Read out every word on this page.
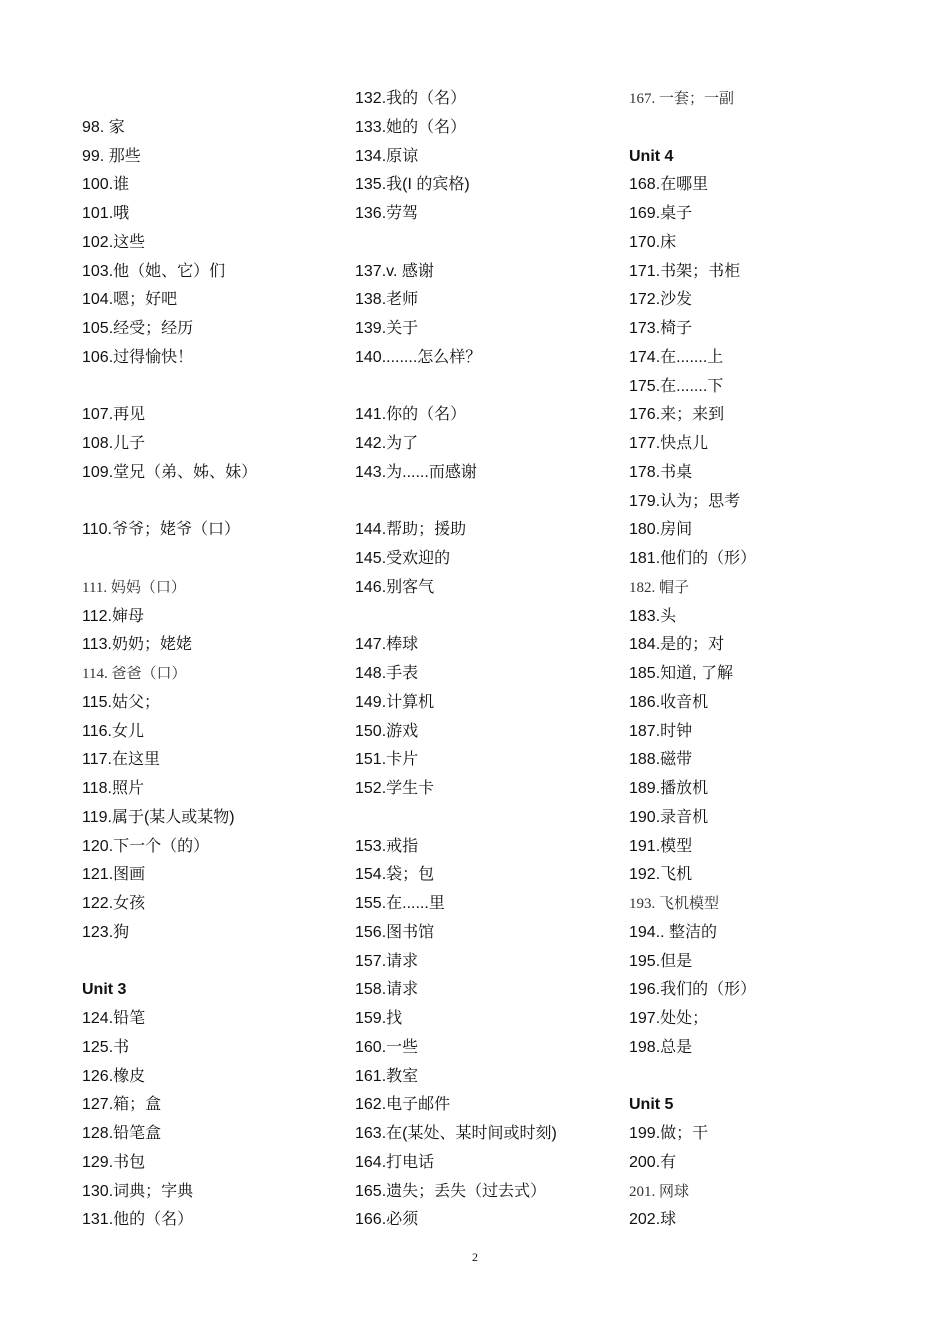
98. 家
99. 那些
100.谁
101.哦
102.这些
103.他（她、它）们
104.嗯；好吧
105.经受；经历
106.过得愉快！
107.再见
108.儿子
109.堂兄（弟、姊、妹）
110.爷爷；姥爷（口）
111. 妈妈（口）
112.婶母
113.奶奶；姥姥
114. 爸爸（口）
115.姑父；
116.女儿
117.在这里
118.照片
119.属于(某人或某物)
120.下一个（的）
121.图画
122.女孩
123.狗
Unit 3
124.铅笔
125.书
126.橡皮
127.箱；盒
128.铅笔盒
129.书包
130.词典；字典
131.他的（名）
132.我的（名）
133.她的（名）
134.原谅
135.我(I 的宾格)
136.劳驾
137.v. 感谢
138.老师
139.关于
140........怎么样？
141.你的（名）
142.为了
143.为......而感谢
144.帮助；援助
145.受欢迎的
146.别客气
147.棒球
148.手表
149.计算机
150.游戏
151.卡片
152.学生卡
153.戒指
154.袋；包
155.在......里
156.图书馆
157.请求
158.请求
159.找
160.一些
161.教室
162.电子邮件
163.在(某处、某时间或时刻)
164.打电话
165.遗失；丢失（过去式）
166.必须
167. 一套；一副
Unit 4
168.在哪里
169.桌子
170.床
171.书架；书柜
172.沙发
173.椅子
174.在.......上
175.在.......下
176.来；来到
177.快点儿
178.书桌
179.认为；思考
180.房间
181.他们的（形）
182. 帽子
183.头
184.是的；对
185.知道, 了解
186.收音机
187.时钟
188.磁带
189.播放机
190.录音机
191.模型
192.飞机
193. 飞机模型
194.. 整洁的
195.但是
196.我们的（形）
197.处处；
198.总是
Unit 5
199.做；干
200.有
201. 网球
202.球
2
